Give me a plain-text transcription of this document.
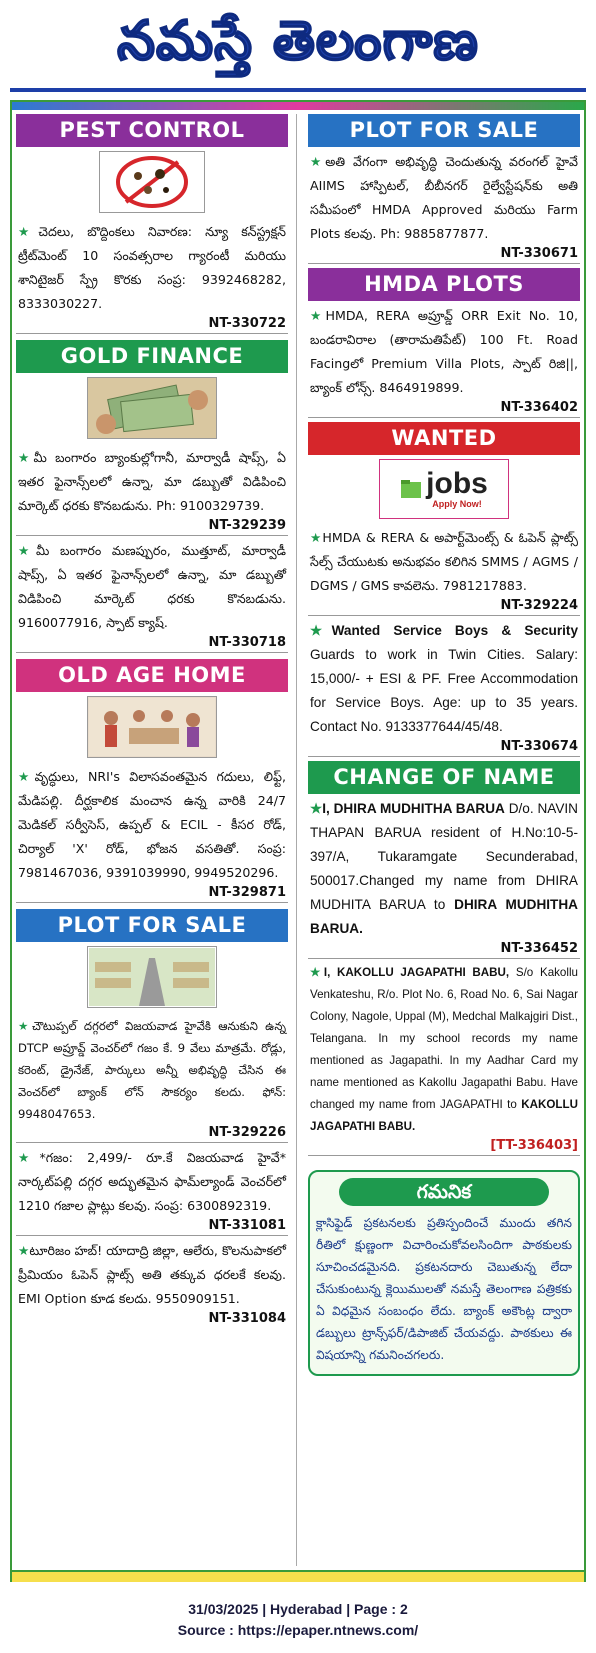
నమస్తే తెలంగాణ
PEST CONTROL

★చెదలు, బొద్దింకలు నివారణ: న్యూ కన్‌స్ట్రక్షన్ ట్రీట్‌మెంట్ 10 సంవత్సరాల గ్యారంటీ మరియు శానిటైజర్ స్ప్రే కొరకు సంప్ర: 9392468282, 8333030227.

NT-330722
GOLD FINANCE

★మీ బంగారం బ్యాంకుల్లోగానీ, మార్వాడీ షాప్స్, ఏ ఇతర ఫైనాన్స్‌లలో ఉన్నా, మా డబ్బుతో విడిపించి మార్కెట్ ధరకు కొనబడును. Ph: 9100329739.

NT-329239

★మీ బంగారం మణప్పురం, ముత్తూట్, మార్వాడీ షాప్స్, ఏ ఇతర ఫైనాన్స్‌లలో ఉన్నా, మా డబ్బుతో విడిపించి మార్కెట్ ధరకు కొనబడును. 9160077916, స్పాట్ క్యాష్.

NT-330718
OLD AGE HOME

★వృద్ధులు, NRI's విలాసవంతమైన గదులు, లిఫ్ట్, మేడిపల్లి. దీర్ఘకాలిక మంచాన ఉన్న వారికి 24/7 మెడికల్ సర్వీసెస్, ఉప్పల్ & ECIL - కీసర రోడ్, చిర్యాల్ 'X' రోడ్, భోజన వసతితో. సంప్ర: 7981467036, 9391039990, 9949520296.

NT-329871
PLOT FOR SALE

★చౌటుప్పల్ దగ్గరలో విజయవాడ హైవేకి ఆనుకుని ఉన్న DTCP అప్రూవ్డ్ వెంచర్‌లో గజం కే. 9 వేలు మాత్రమే. రోడ్లు, కరెంట్, డ్రైనేజ్, పార్కులు అన్నీ అభివృద్ధి చేసిన ఈ వెంచర్‌లో బ్యాంక్ లోన్ సౌకర్యం కలదు. ఫోన్: 9948047653.

NT-329226

★*గజం: 2,499/- రూ.కే విజయవాడ హైవే* నార్కట్‌పల్లి దగ్గర అద్భుతమైన ఫామ్‌ల్యాండ్ వెంచర్‌లో 1210 గజాల ప్లాట్లు కలవు. సంప్ర: 6300892319.

NT-331081

★టూరిజం హబ్! యాదాద్రి జిల్లా, ఆలేరు, కొలనుపాకలో ప్రీమియం ఓపెన్ ప్లాట్స్ అతి తక్కువ ధరలకే కలవు. EMI Option కూడ కలదు. 9550909151.

NT-331084
PLOT FOR SALE

★అతి వేగంగా అభివృద్ధి చెందుతున్న వరంగల్ హైవే AIIMS హాస్పిటల్, బీబీనగర్ రైల్వేస్టేషన్‌కు అతి సమీపంలో HMDA Approved మరియు Farm Plots కలవు. Ph: 9885877877.

NT-330671
HMDA PLOTS

★HMDA, RERA అప్రూవ్డ్ ORR Exit No. 10, బండరావిరాల (తారామతిపేట్) 100 Ft. Road Facingలో Premium Villa Plots, స్పాట్ రిజి||, బ్యాంక్ లోన్స్. 8464919899.

NT-336402
WANTED
jobs
Apply Now!

★HMDA & RERA & అపార్ట్‌మెంట్స్ & ఓపెన్ ప్లాట్స్ సేల్స్ చేయుటకు అనుభవం కలిగిన SMMS / AGMS / DGMS / GMS కావలెను. 7981217883.

NT-329224

★Wanted Service Boys & Security Guards to work in Twin Cities. Salary: 15,000/- + ESI & PF. Free Accommodation for Service Boys. Age: up to 35 years. Contact No. 9133377644/45/48.

NT-330674
CHANGE OF NAME

★I, DHIRA MUDHITHA BARUA D/o. NAVIN THAPAN BARUA resident of H.No:10-5-397/A, Tukaramgate Secunderabad, 500017.Changed my name from DHIRA MUDHITA BARUA to DHIRA MUDHITHA BARUA.

NT-336452

★I, KAKOLLU JAGAPATHI BABU, S/o Kakollu Venkateshu, R/o. Plot No. 6, Road No. 6, Sai Nagar Colony, Nagole, Uppal (M), Medchal Malkajgiri Dist., Telangana. In my school records my name mentioned as Jagapathi. In my Aadhar Card my name mentioned as Kakollu Jagapathi Babu. Have changed my name from JAGAPATHI to KAKOLLU JAGAPATHI BABU.

[TT-336403]
గమనిక

క్లాసిఫైడ్ ప్రకటనలకు ప్రతిస్పందించే ముందు తగిన రీతిలో క్షుణ్ణంగా విచారించుకోవలసిందిగా పాఠకులకు సూచించడమైనది. ప్రకటనదారు చెబుతున్న లేదా చేసుకుంటున్న క్లెయిములతో నమస్తే తెలంగాణ పత్రికకు ఏ విధమైన సంబంధం లేదు. బ్యాంక్ అకౌంట్ల ద్వారా డబ్బులు ట్రాన్స్‌ఫర్/డిపాజిట్ చేయవద్దు. పాఠకులు ఈ విషయాన్ని గమనించగలరు.

31/03/2025 | Hyderabad | Page : 2
Source : https://epaper.ntnews.com/
